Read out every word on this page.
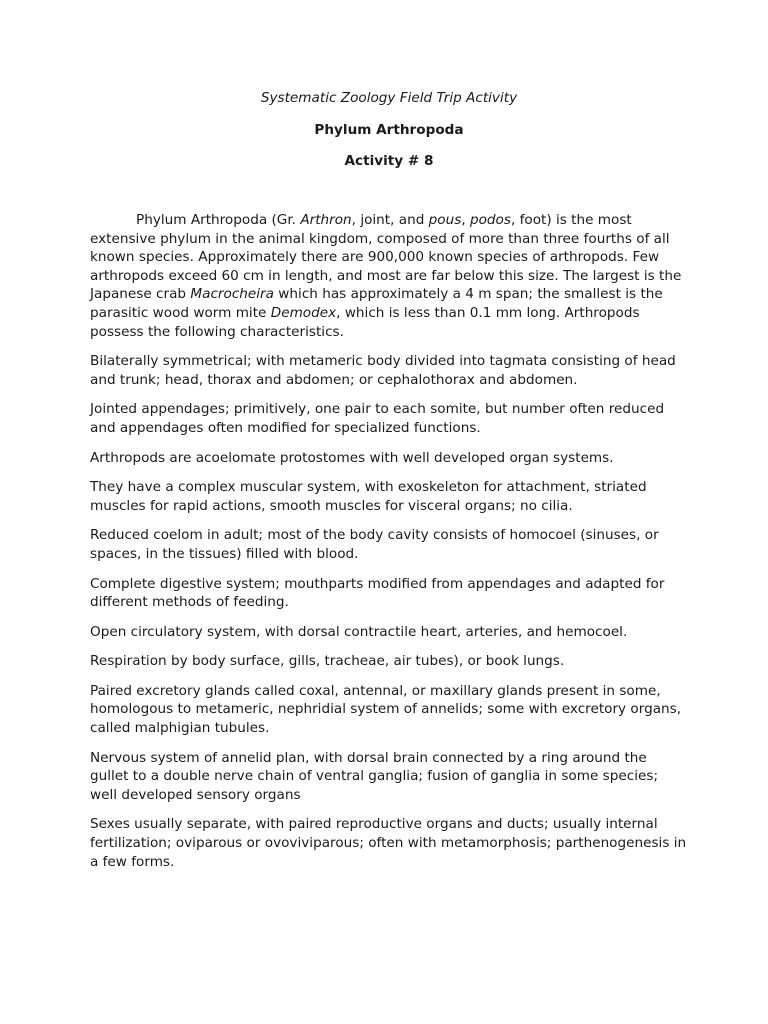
Systematic Zoology Field Trip Activity

Phylum Arthropoda

Activity # 8

Phylum Arthropoda (Gr. Arthron, joint, and pous, podos, foot) is the most extensive phylum in the animal kingdom, composed of more than three fourths of all known species. Approximately there are 900,000 known species of arthropods. Few arthropods exceed 60 cm in length, and most are far below this size. The largest is the Japanese crab Macrocheira which has approximately a 4 m span; the smallest is the parasitic wood worm mite Demodex, which is less than 0.1 mm long. Arthropods possess the following characteristics.

Bilaterally symmetrical; with metameric body divided into tagmata consisting of head and trunk; head, thorax and abdomen; or cephalothorax and abdomen.
Jointed appendages; primitively, one pair to each somite, but number often reduced and appendages often modified for specialized functions.
Arthropods are acoelomate protostomes with well developed organ systems.
They have a complex muscular system, with exoskeleton for attachment, striated muscles for rapid actions, smooth muscles for visceral organs; no cilia.
Reduced coelom in adult; most of the body cavity consists of homocoel (sinuses, or spaces, in the tissues) filled with blood.
Complete digestive system; mouthparts modified from appendages and adapted for different methods of feeding.
Open circulatory system, with dorsal contractile heart, arteries, and hemocoel.
Respiration by body surface, gills, tracheae, air tubes), or book lungs.
Paired excretory glands called coxal, antennal, or maxillary glands present in some, homologous to metameric, nephridial system of annelids; some with excretory organs, called malphigian tubules.
Nervous system of annelid plan, with dorsal brain connected by a ring around the gullet to a double nerve chain of ventral ganglia; fusion of ganglia in some species; well developed sensory organs
Sexes usually separate, with paired reproductive organs and ducts; usually internal fertilization; oviparous or ovoviviparous; often with metamorphosis; parthenogenesis in a few forms.
